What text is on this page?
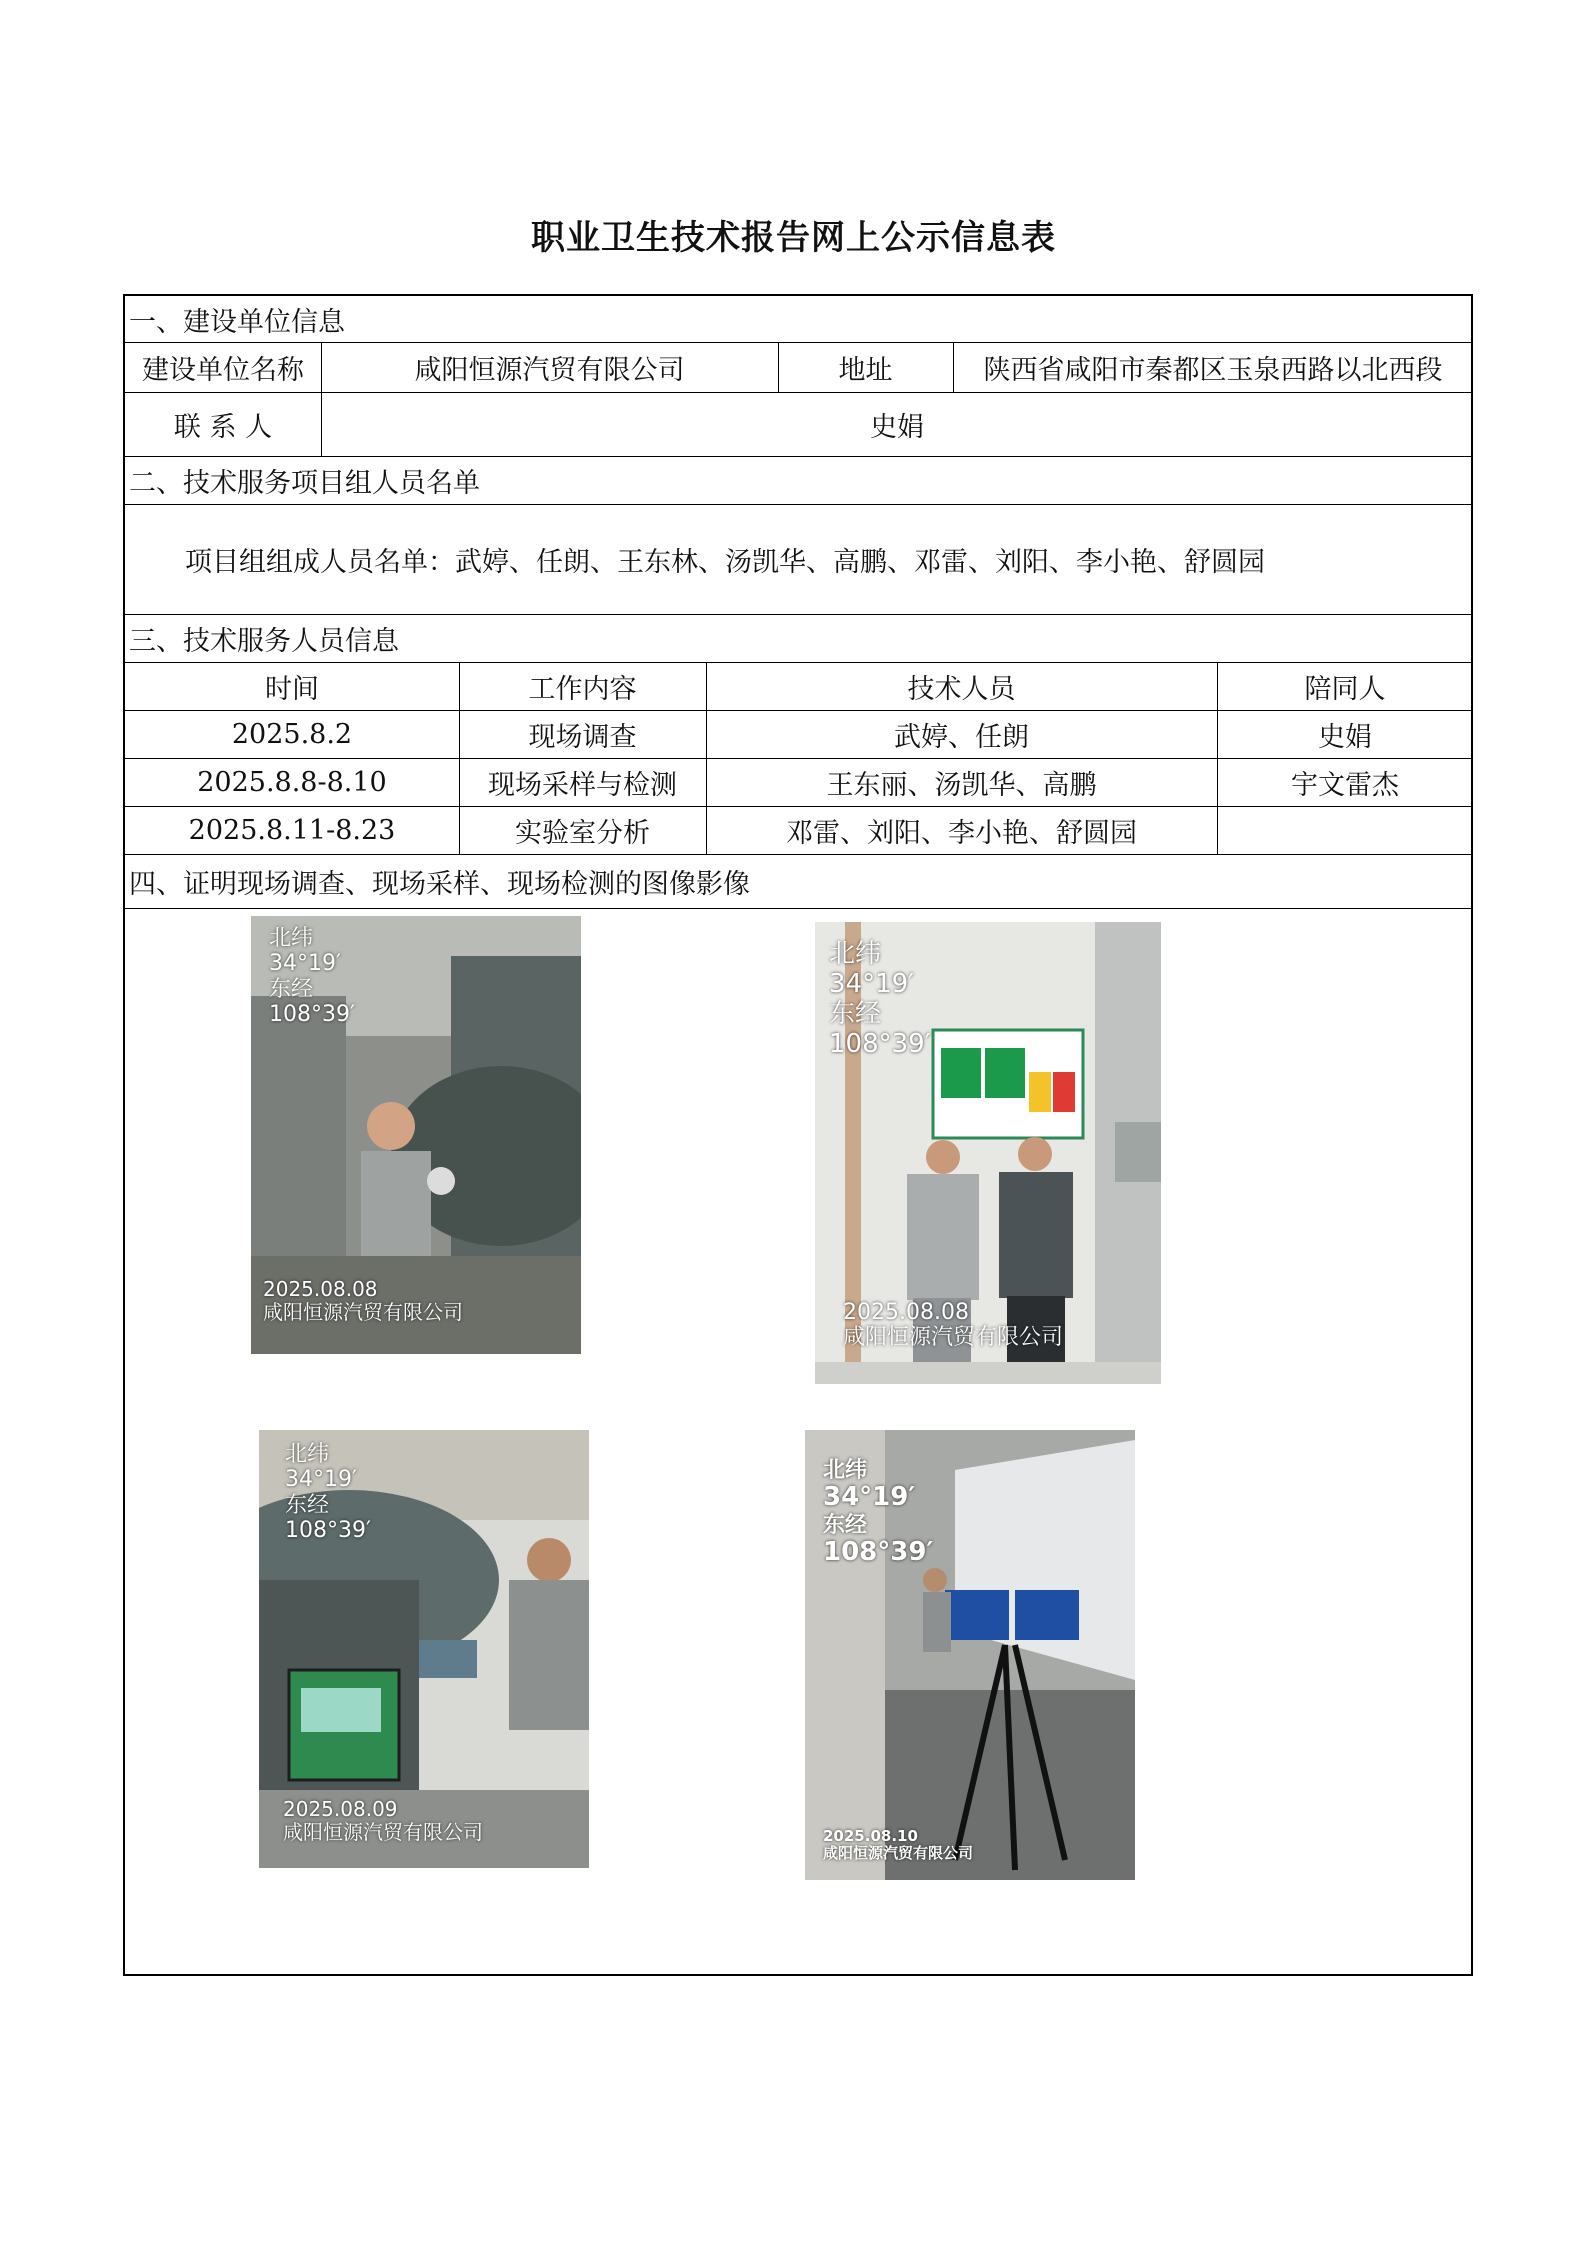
职业卫生技术报告网上公示信息表
一、建设单位信息
建设单位名称	咸阳恒源汽贸有限公司	地址	陕西省咸阳市秦都区玉泉西路以北西段
联 系 人	史娟
二、技术服务项目组人员名单
项目组组成人员名单：武婷、任朗、王东林、汤凯华、高鹏、邓雷、刘阳、李小艳、舒圆园
三、技术服务人员信息
时间	工作内容	技术人员	陪同人
2025.8.2	现场调查	武婷、任朗	史娟
2025.8.8-8.10	现场采样与检测	王东丽、汤凯华、高鹏	宇文雷杰
2025.8.11-8.23	实验室分析	邓雷、刘阳、李小艳、舒圆园
四、证明现场调查、现场采样、现场检测的图像影像
北纬
34°19′
东经
108°39′
2025.08.08
咸阳恒源汽贸有限公司
北纬
34°19′
东经
108°39′
2025.08.08
咸阳恒源汽贸有限公司
北纬
34°19′
东经
108°39′
2025.08.09
咸阳恒源汽贸有限公司
北纬
34°19′
东经
108°39′
2025.08.10
咸阳恒源汽贸有限公司
